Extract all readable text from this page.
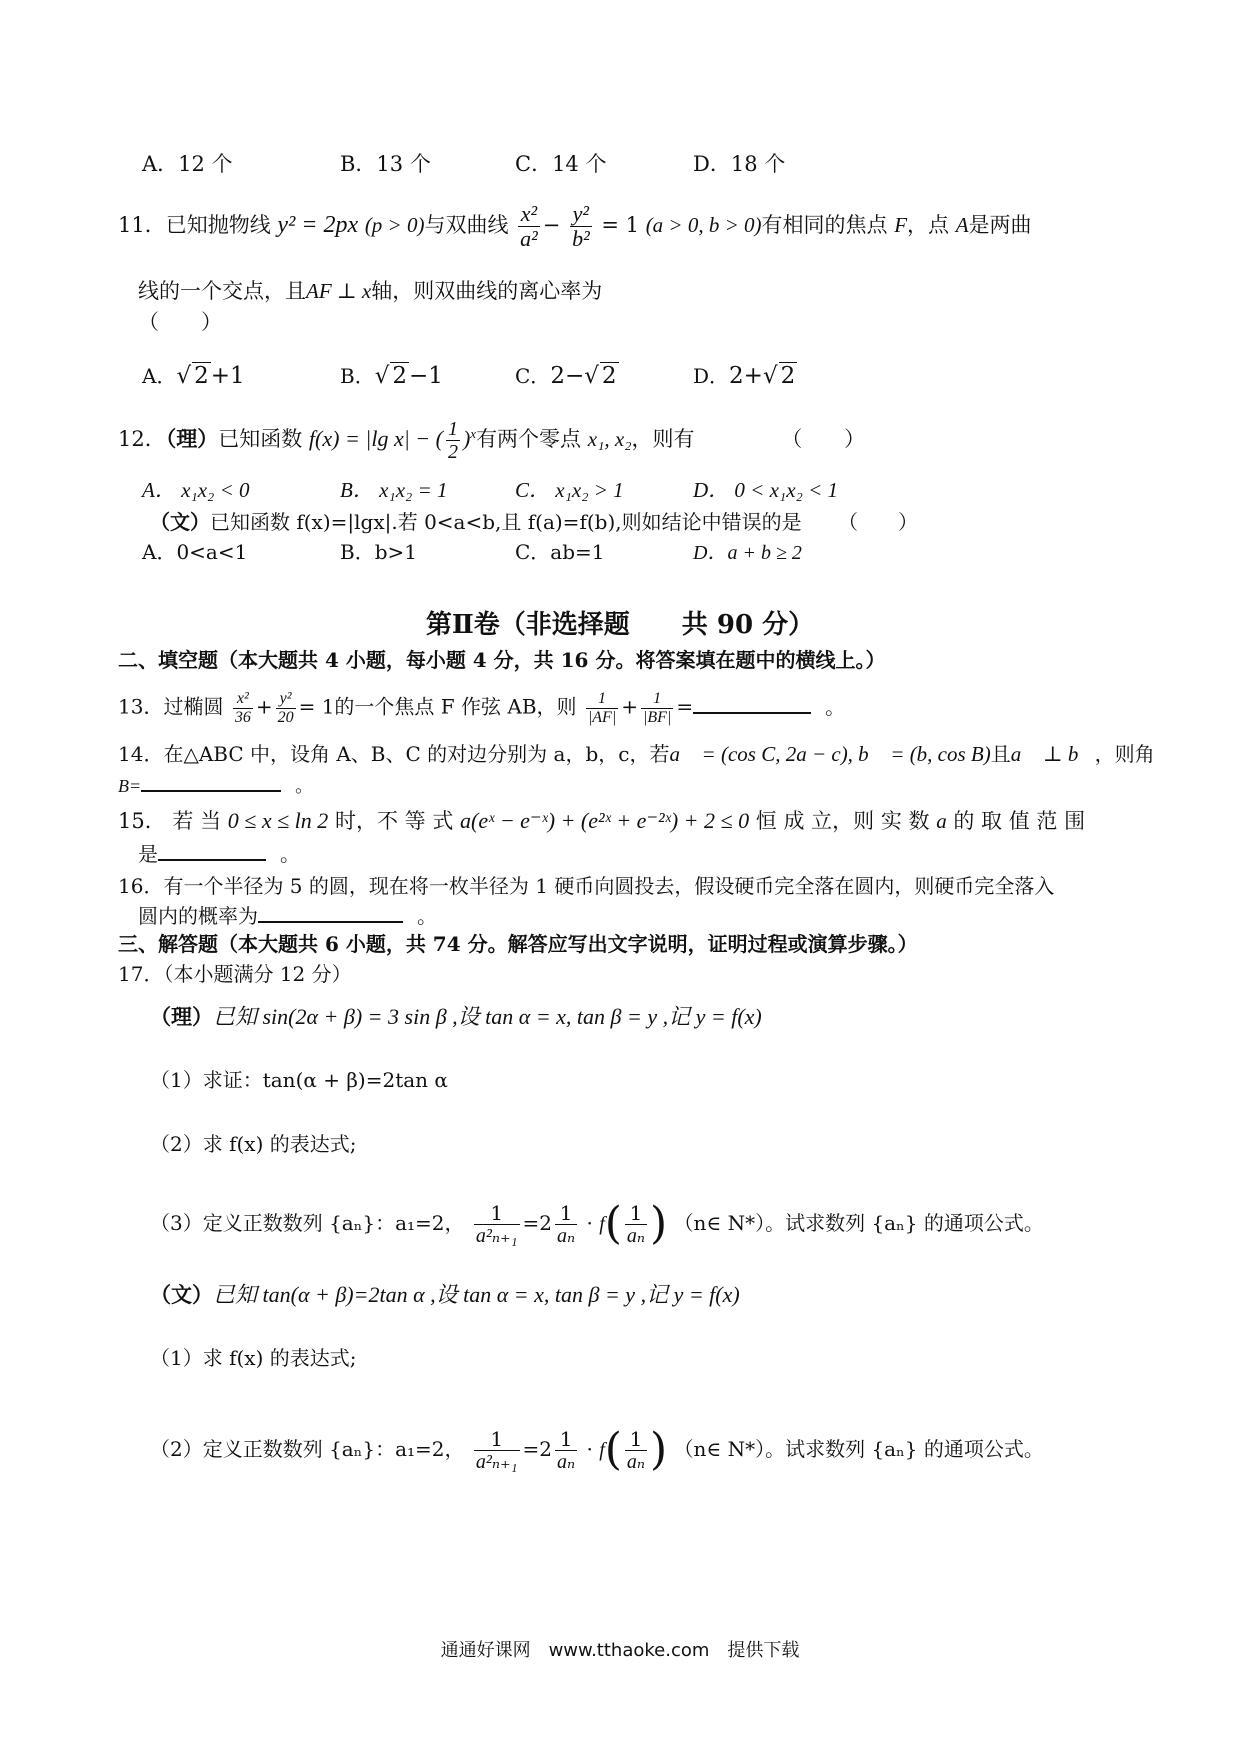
A．12 个	B．13 个	C．14 个	D．18 个
11．已知抛物线 y² = 2px (p > 0)与双曲线 $\frac{\text{x²}}{\text{a²}} - \frac{\text{y²}}{\text{b²}} = 1$ (a > 0, b > 0)有相同的焦点 F，点 A是两曲
线的一个交点，且AF ⊥ x轴，则双曲线的离心率为
（　　）
A．√ 2+1	B．√ 2−1	C．2−√ 2	D．2+√ 2
12．（理）已知函数 f(x) = |lg x| − ( $\frac{1}{2} )^x$有两个零点 x₁, x₂，则有	（　　）
A． x₁x₂ < 0	B． x₁x₂ = 1	C． x₁x₂ > 1	D． 0 < x₁x₂ < 1
（文）已知函数 f(x)=|lgx|.若 0<a<b,且 f(a)=f(b),则如结论中错误的是 （　　）
A．0<a<1	B．b>1	C．ab=1	D．a + b ≥ 2
第Ⅱ卷（非选择题　　共 90 分）
二、填空题（本大题共 4 小题，每小题 4 分，共 16 分。将答案填在题中的横线上。）
13．过椭圆 $\frac{\text{x²}}{36} + \frac{\text{y²}}{20} = 1$的一个焦点 F 作弦 AB，则 $\frac{1}{|AF|} + \frac{1}{|BF|}$ =	。
14．在△ABC 中，设角 A、B、C 的对边分别为 a，b，c，若a⃗ = (cos C, 2a − c), b⃗ = (b, cos B)且a⃗ ⊥ b⃗，则角
B=	。
15． 若 当 0 ≤ x ≤ ln 2 时，不 等 式 a(eˣ − e⁻ˣ) + (e²ˣ + e⁻²ˣ) + 2 ≤ 0 恒 成 立，则 实 数 a 的 取 值 范 围
是	。
16．有一个半径为 5 的圆，现在将一枚半径为 1 硬币向圆投去，假设硬币完全落在圆内，则硬币完全落入
圆内的概率为	。
三、解答题（本大题共 6 小题，共 74 分。解答应写出文字说明，证明过程或演算步骤。）
17．（本小题满分 12 分）
（理）已知 sin(2α + β) = 3 sin β ,设 tan α = x, tan β = y ,记 y = f(x)
（1）求证：tan(α + β)=2tan α
（2）求 f(x) 的表达式;
（3）定义正数数列 {aₙ}：a₁=2， $\frac{1}{\text{a²ₙ₊₁}} =2 \frac{1}{\text{aₙ}} \cdot f( \frac{1}{\text{aₙ}}$ ) （n∈ N*）。试求数列 {aₙ} 的通项公式。
（文）已知 tan(α + β)=2tan α ,设 tan α = x, tan β = y ,记 y = f(x)
（1）求 f(x) 的表达式;
（2）定义正数数列 {aₙ}：a₁=2， $\frac{1}{\text{a²ₙ₊₁}} =2 \frac{1}{\text{aₙ}} \cdot f( \frac{1}{\text{aₙ}}$ ) （n∈ N*）。试求数列 {aₙ} 的通项公式。
通通好课网　www.tthaoke.com　提供下载
